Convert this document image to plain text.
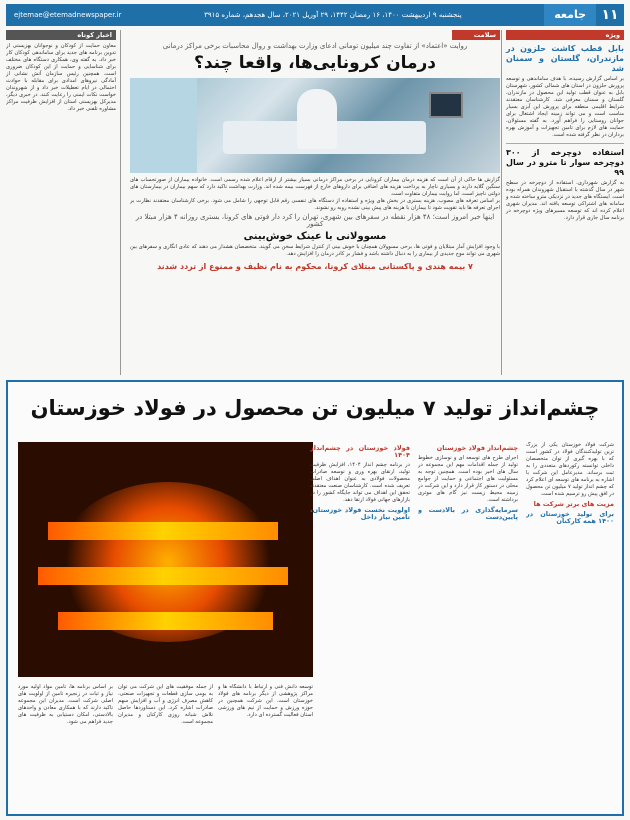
۱۱
جامعه
پنجشنبه ۹ اردیبهشت ۱۴۰۰، ۱۶ رمضان ۱۴۴۲، ۲۹ آوریل ۲۰۲۱، سال هجدهم، شماره ۳۹۱۵
ejtemae@etemadnewspaper.ir
ویژه
بابل قطب کاشت حلزون در مازندران، گلستان و سمنان شد
بر اساس گزارش رسیده، با هدف ساماندهی و توسعه پرورش حلزون در استان های شمالی کشور، شهرستان بابل به عنوان قطب تولید این محصول در مازندران، گلستان و سمنان معرفی شد. کارشناسان معتقدند شرایط اقلیمی منطقه برای پرورش این آبزی بسیار مناسب است و می تواند زمینه ایجاد اشتغال برای جوانان روستایی را فراهم آورد. به گفته مسئولان، حمایت های لازم برای تامین تجهیزات و آموزش بهره برداران در نظر گرفته شده است.
استفاده دوچرخه از ۳۰۰ دوچرخه سوار تا مترو در سال ۹۹
به گزارش شهرداری، استفاده از دوچرخه در سطح شهر در سال گذشته با استقبال شهروندان همراه بوده است. ایستگاه های جدید در نزدیکی مترو ساخته شده و سامانه های اشتراکی توسعه یافته اند. مدیران شهری اعلام کرده اند که توسعه مسیرهای ویژه دوچرخه در برنامه سال جاری قرار دارد.
سلامت
روایت «اعتماد» از تفاوت چند میلیون تومانی ادعای وزارت بهداشت و روال محاسبات برخی مراکز درمانی
درمان کرونایی‌ها، واقعا چند؟
گزارش ها حاکی از آن است که هزینه درمان بیماران کرونایی در برخی مراکز درمانی بسیار بیشتر از ارقام اعلام شده رسمی است. خانواده بیماران از صورتحساب های سنگین گلایه دارند و بسیاری ناچار به پرداخت هزینه های اضافی برای داروهای خارج از فهرست بیمه شده اند. وزارت بهداشت تاکید دارد که سهم بیماران در بیمارستان های دولتی ناچیز است، اما روایت بیماران متفاوت است.
بر اساس تعرفه های مصوب، هزینه بستری در بخش های ویژه و استفاده از دستگاه های تنفسی رقم قابل توجهی را شامل می شود. برخی کارشناسان معتقدند نظارت بر اجرای تعرفه ها باید تقویت شود تا بیماران با هزینه های پیش بینی نشده روبه رو نشوند.
اینها خبر امروز است؛ ۴۸ هزار نقطه در سفرهای بین شهری، تهران را کرد دار فوتی های کرونا، بستری روزانه ۴ هزار مبتلا در کشور
مسوولانی با عینک خوش‌بینی
با وجود افزایش آمار مبتلایان و فوتی ها، برخی مسوولان همچنان با خوش بینی از کنترل شرایط سخن می گویند. متخصصان هشدار می دهند که عادی انگاری و سفرهای بین شهری می تواند موج جدیدی از بیماری را به دنبال داشته باشد و فشار بر کادر درمان را افزایش دهد.
۷ بیمه هندی و پاکستانی مبتلای کرونا، محکوم به نام نظیف و ممنوع از تردد شدند
اخبار کوتاه
معاون حمایت از کودکان و نوجوانان بهزیستی از تدوین برنامه های جدید برای ساماندهی کودکان کار خبر داد. به گفته وی، همکاری دستگاه های مختلف برای شناسایی و حمایت از این کودکان ضروری است. همچنین رئیس سازمان آتش نشانی از آمادگی نیروهای امدادی برای مقابله با حوادث احتمالی در ایام تعطیلات خبر داد و از شهروندان خواست نکات ایمنی را رعایت کنند. در خبری دیگر، مدیرکل بهزیستی استان از افزایش ظرفیت مراکز مشاوره تلفنی خبر داد.
چشم‌انداز تولید ۷ میلیون تن محصول در فولاد خوزستان
شرکت فولاد خوزستان یکی از بزرگ ترین تولیدکنندگان فولاد در کشور است که با بهره گیری از توان متخصصان داخلی توانسته رکوردهای متعددی را به ثبت برساند. مدیرعامل این شرکت با اشاره به برنامه های توسعه ای اعلام کرد که چشم انداز تولید ۷ میلیون تن محصول در افق پیش رو ترسیم شده است.
مزیت های برتر شرکت ها
برای تولید خوزستان در ۱۴۰۰ همه کارکنان
چشم‌انداز فولاد خوزستان
اجرای طرح های توسعه ای و نوسازی خطوط تولید از جمله اقدامات مهم این مجموعه در سال های اخیر بوده است. همچنین توجه به مسئولیت های اجتماعی و حمایت از جوامع محلی در دستور کار قرار دارد و این شرکت در زمینه محیط زیست نیز گام های موثری برداشته است.
سرمایه‌گذاری در بالادست و پایین‌دست
فولاد خوزستان در چشم‌انداز ۱۴۰۴
در برنامه چشم انداز ۱۴۰۴، افزایش ظرفیت تولید، ارتقای بهره وری و توسعه صادرات محصولات فولادی به عنوان اهداف اصلی تعریف شده است. کارشناسان صنعت معتقدند تحقق این اهداف می تواند جایگاه کشور را در بازارهای جهانی فولاد ارتقا دهد.
اولویت نخست فولاد خوزستان، تامین نیاز داخل
بر اساس برنامه ها، تامین مواد اولیه مورد نیاز و ثبات در زنجیره تامین از اولویت های اصلی شرکت است. مدیران این مجموعه تاکید دارند که با همکاری معادن و واحدهای بالادستی، امکان دستیابی به ظرفیت های جدید فراهم می شود.
از جمله موفقیت های این شرکت می توان به بومی سازی قطعات و تجهیزات صنعتی، کاهش مصرف انرژی و آب و افزایش سهم صادرات اشاره کرد. این دستاوردها حاصل تلاش شبانه روزی کارکنان و مدیران مجموعه است.
توسعه دانش فنی و ارتباط با دانشگاه ها و مراکز پژوهشی از دیگر برنامه های فولاد خوزستان است. این شرکت همچنین در حوزه ورزش و حمایت از تیم های ورزشی استان فعالیت گسترده ای دارد.
